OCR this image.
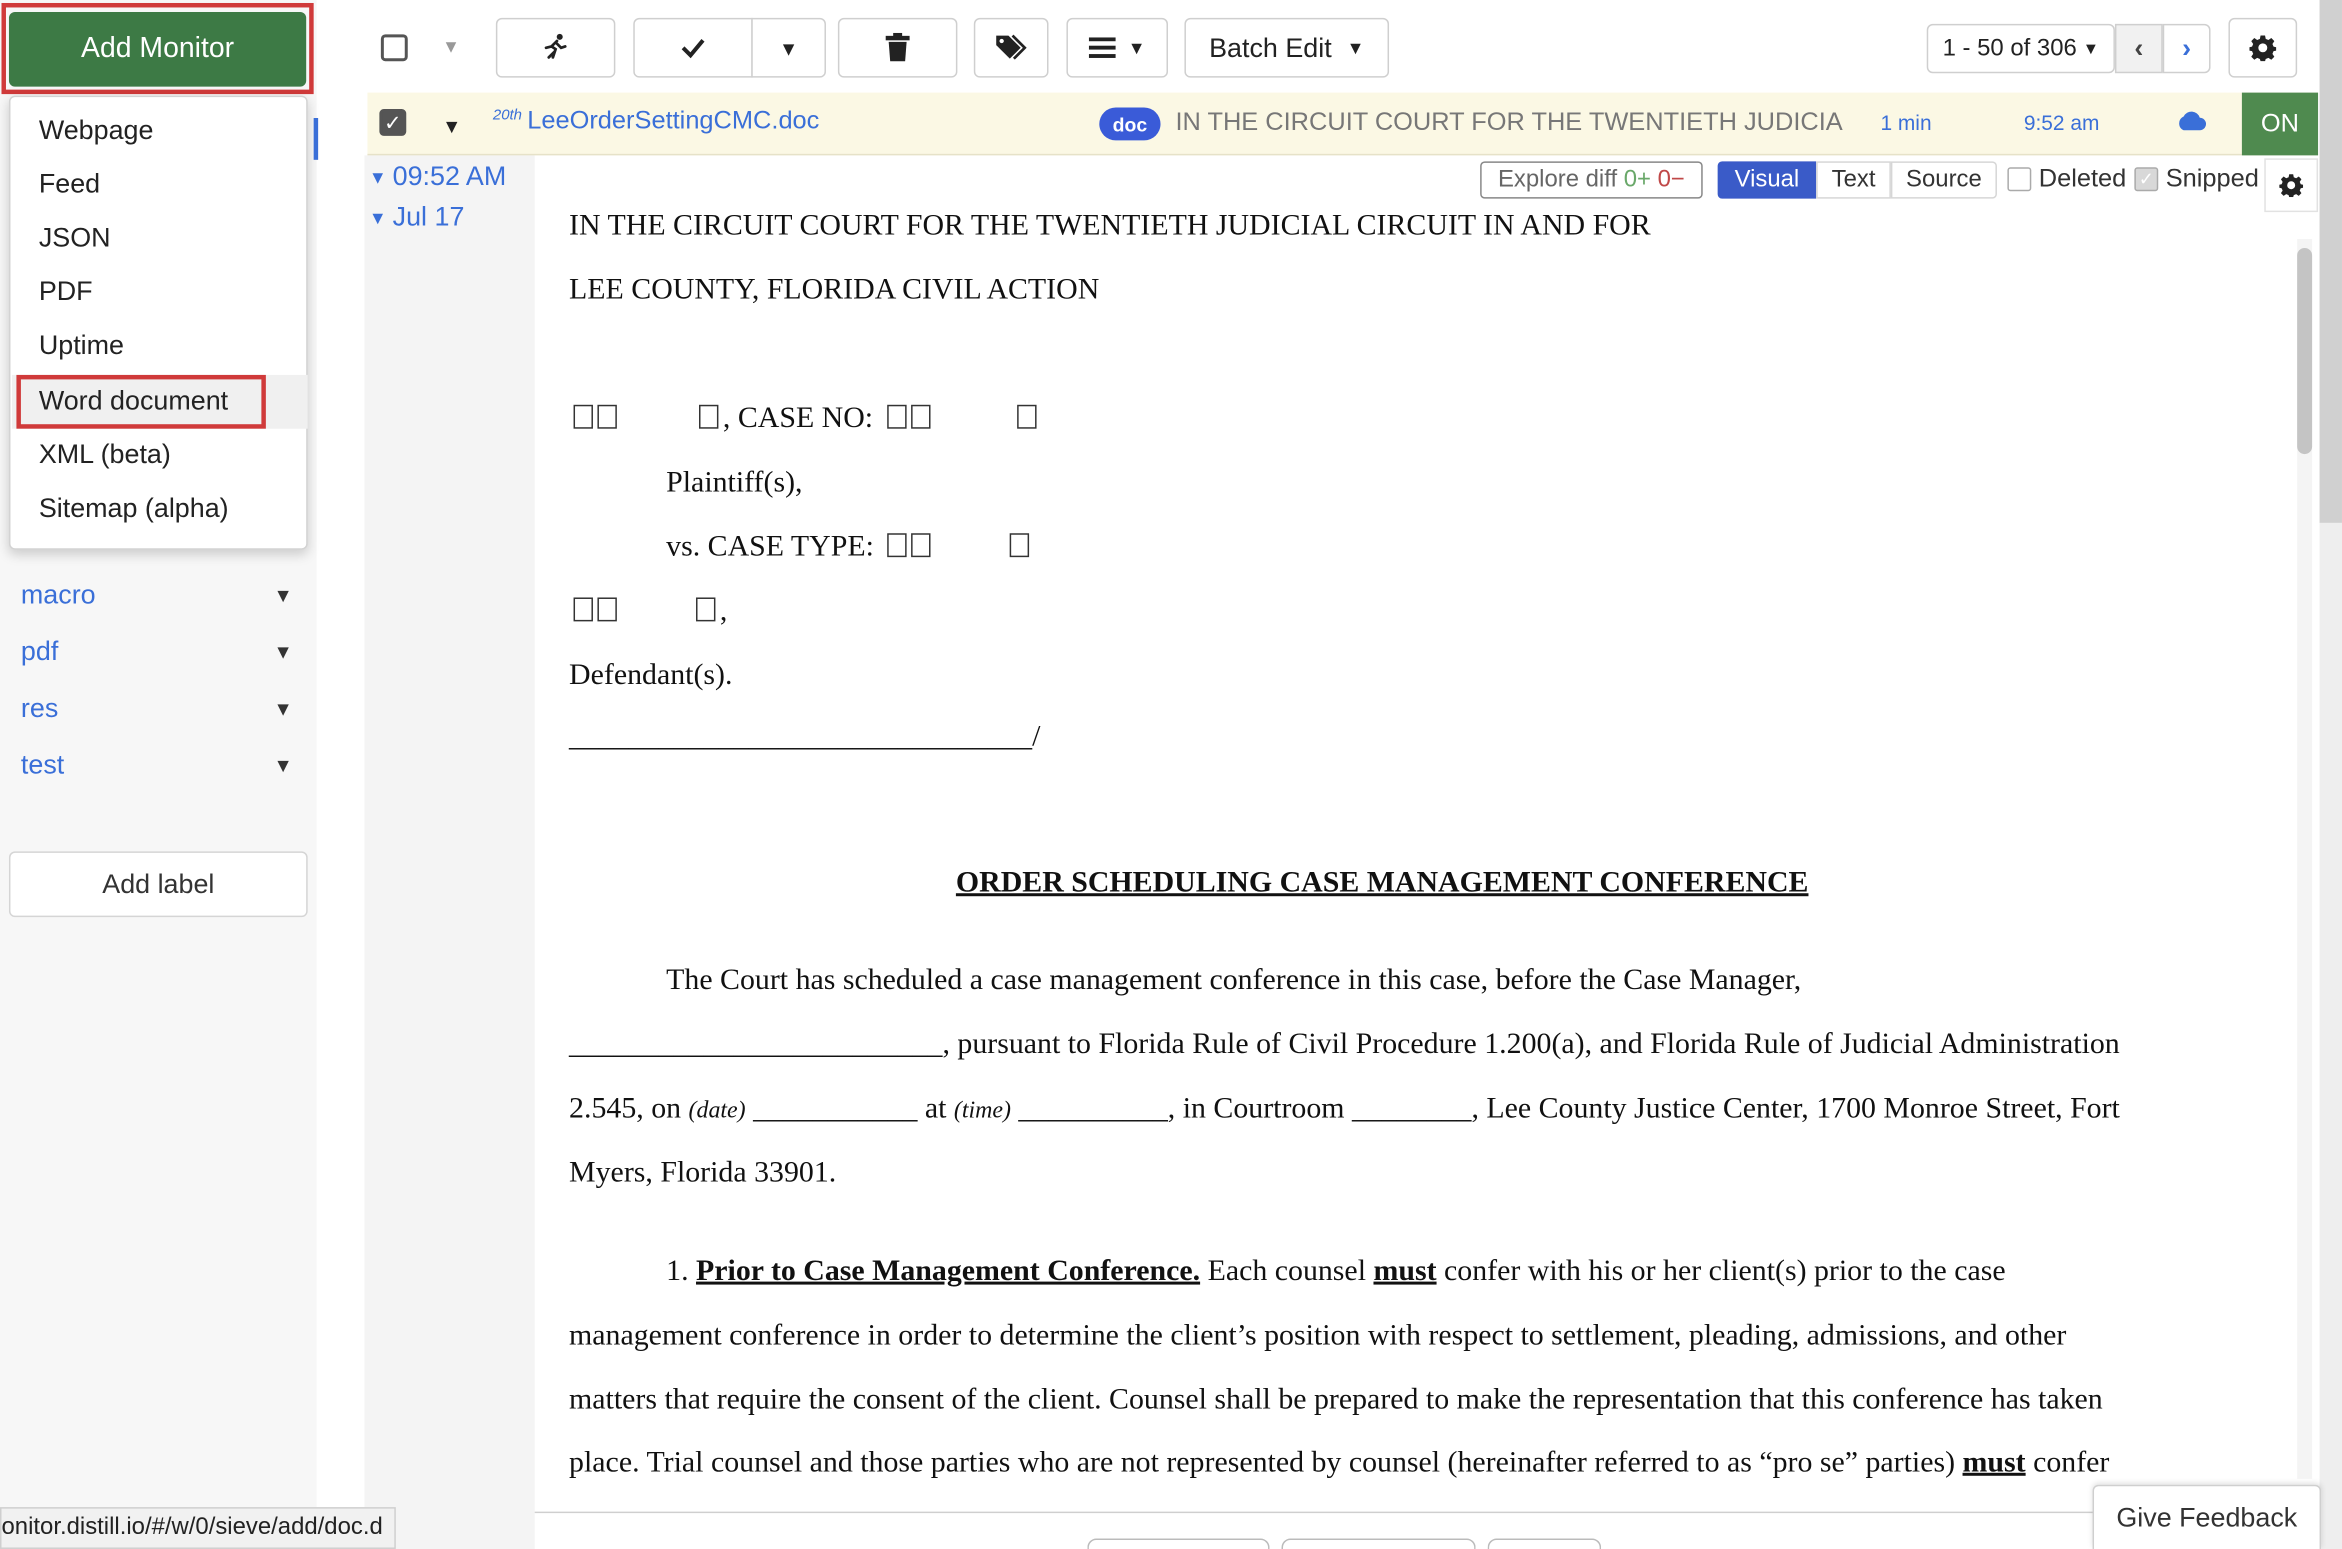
macro	▼
pdf	▼
res	▼
test	▼
Add label
Add Monitor
Webpage
Feed
JSON
PDF
Uptime
Word document
XML (beta)
Sitemap (alpha)
▼	▼	▼	Batch Edit ▼	1 - 50 of 306 ▼ ‹ ›
✓	▼	20th LeeOrderSettingCMC.doc	doc	IN THE CIRCUIT COURT FOR THE TWENTIETH JUDICIA	1 min	9:52 am	ON
▼ 09:52 AM
▼ Jul 17	IN THE CIRCUIT COURT FOR THE TWENTIETH JUDICIAL CIRCUIT IN AND FOR
LEE COUNTY, FLORIDA CIVIL ACTION
, CASE NO:
Plaintiff(s),
vs. CASE TYPE:
,
Defendant(s).
_______________________________/
ORDER SCHEDULING CASE MANAGEMENT CONFERENCE
The Court has scheduled a case management conference in this case, before the Case Manager,
_________________________, pursuant to Florida Rule of Civil Procedure 1.200(a), and Florida Rule of Judicial Administration
2.545, on (date) ___________ at (time) __________, in Courtroom ________, Lee County Justice Center, 1700 Monroe Street, Fort
Myers, Florida 33901.
1. Prior to Case Management Conference. Each counsel must confer with his or her client(s) prior to the case
management conference in order to determine the client’s position with respect to settlement, pleading, admissions, and other
matters that require the consent of the client. Counsel shall be prepared to make the representation that this conference has taken
place. Trial counsel and those parties who are not represented by counsel (hereinafter referred to as “pro se” parties) must confer
Explore diff
0+
0−	Visual	Text	Source	Deleted	✓ Snipped
onitor.distill.io/#/w/0/sieve/add/doc.d	Give Feedback
